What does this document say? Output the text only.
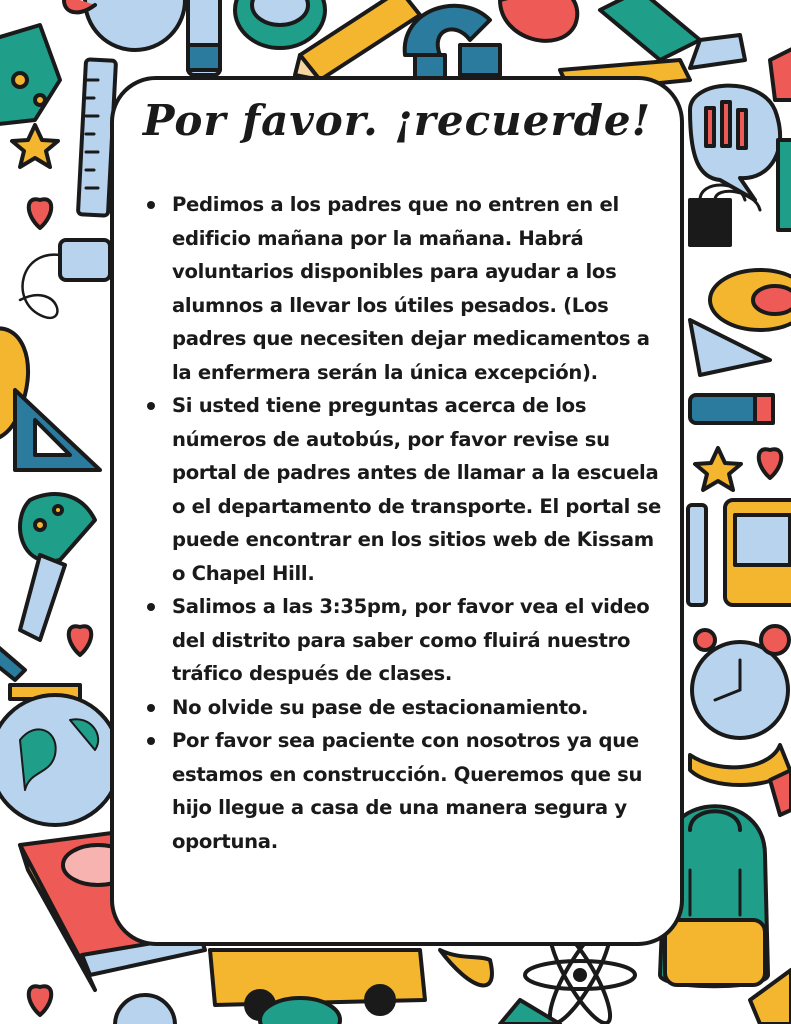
Por favor. ¡recuerde!
Pedimos a los padres que no entren en el edificio mañana por la mañana. Habrá voluntarios disponibles para ayudar a los alumnos a llevar los útiles pesados. (Los padres que necesiten dejar medicamentos a la enfermera serán la única excepción).
Si usted tiene preguntas acerca de los números de autobús, por favor revise su portal de padres antes de llamar a la escuela o el departamento de transporte. El portal se puede encontrar en los sitios web de Kissam o Chapel Hill.
Salimos a las 3:35pm, por favor vea el video del distrito para saber como fluirá nuestro tráfico después de clases.
No olvide su pase de estacionamiento.
Por favor sea paciente con nosotros ya que estamos en construcción. Queremos que su hijo llegue a casa de una manera segura y oportuna.
